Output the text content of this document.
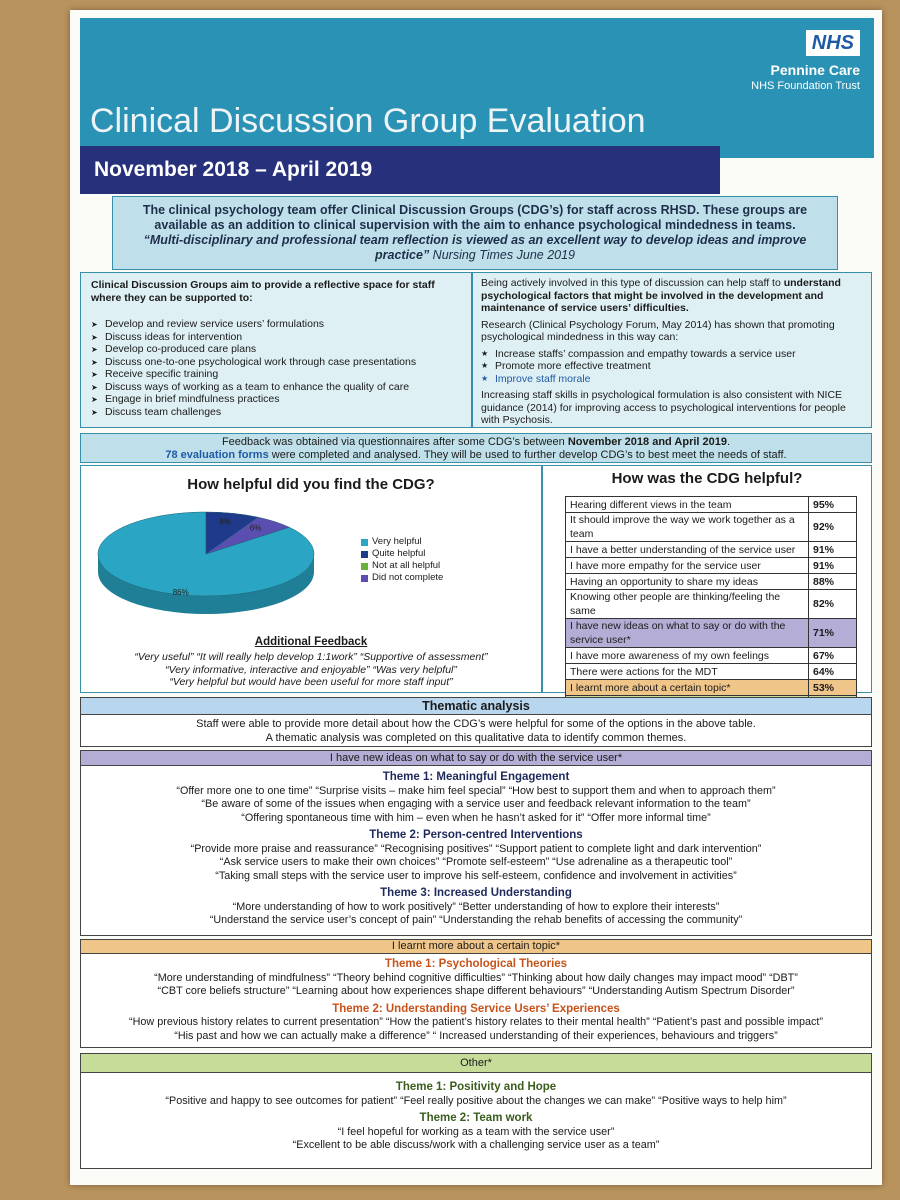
NHS
Pennine Care
NHS Foundation Trust
Clinical Discussion Group Evaluation
November 2018 – April 2019
The clinical psychology team offer Clinical Discussion Groups (CDG’s) for staff across RHSD. These groups are available as an addition to clinical supervision with the aim to enhance psychological mindedness in teams.
“Multi-disciplinary and professional team reflection is viewed as an excellent way to develop ideas and improve practice” Nursing Times June 2019
Clinical Discussion Groups aim to provide a reflective space for staff where they can be supported to:
➤ Develop and review service users’ formulations
➤ Discuss ideas for intervention
➤ Develop co-produced care plans
➤ Discuss one-to-one psychological work through case presentations
➤ Receive specific training
➤ Discuss ways of working as a team to enhance the quality of care
➤ Engage in brief mindfulness practices
➤ Discuss team challenges

Being actively involved in this type of discussion can help staff to understand psychological factors that might be involved in the development and maintenance of service users’ difficulties.

Research (Clinical Psychology Forum, May 2014) has shown that promoting psychological mindedness in this way can:

★ Increase staffs’ compassion and empathy towards a service user
★ Promote more effective treatment
★ Improve staff morale

Increasing staff skills in psychological formulation is also consistent with NICE guidance (2014) for improving access to psychological interventions for people with Psychosis.

Feedback was obtained via questionnaires after some CDG’s between November 2018 and April 2019.
78 evaluation forms were completed and analysed. They will be used to further develop CDG’s to best meet the needs of staff.
How helpful did you find the CDG?
86%
8%
6%
Very helpful
Quite helpful
Not at all helpful
Did not complete
Additional Feedback
“Very useful” “It will really help develop 1:1work” “Supportive of assessment”
“Very informative, interactive and enjoyable” “Was very helpful”
“Very helpful but would have been useful for more staff input”
How was the CDG helpful?
Hearing different views in the team	95%
It should improve the way we work together as a team	92%
I have a better understanding of the service user	91%
I have more empathy for the service user	91%
Having an opportunity to share my ideas	88%
Knowing other people are thinking/feeling the same	82%
I have new ideas on what to say or do with the service user*	71%
I have more awareness of my own feelings	67%
There were actions for the MDT	64%
I learnt more about a certain topic*	53%

Thematic analysis
Staff were able to provide more detail about how the CDG’s were helpful for some of the options in the above table.
A thematic analysis was completed on this qualitative data to identify common themes.
I have new ideas on what to say or do with the service user*
Theme 1: Meaningful Engagement
“Offer more one to one time” “Surprise visits – make him feel special” “How best to support them and when to approach them”
“Be aware of some of the issues when engaging with a service user and feedback relevant information to the team”
“Offering spontaneous time with him – even when he hasn’t asked for it” “Offer more informal time”
Theme 2: Person-centred Interventions
“Provide more praise and reassurance” “Recognising positives” “Support patient to complete light and dark intervention”
“Ask service users to make their own choices” “Promote self-esteem” “Use adrenaline as a therapeutic tool”
“Taking small steps with the service user to improve his self-esteem, confidence and involvement in activities”
Theme 3: Increased Understanding
“More understanding of how to work positively” “Better understanding of how to explore their interests”
“Understand the service user’s concept of pain” “Understanding the rehab benefits of accessing the community”
I learnt more about a certain topic*
Theme 1: Psychological Theories
“More understanding of mindfulness” “Theory behind cognitive difficulties” “Thinking about how daily changes may impact mood” “DBT”
“CBT core beliefs structure” “Learning about how experiences shape different behaviours” “Understanding Autism Spectrum Disorder”
Theme 2: Understanding Service Users’ Experiences
“How previous history relates to current presentation” “How the patient’s history relates to their mental health” “Patient’s past and possible impact”
“His past and how we can actually make a difference” “ Increased understanding of their experiences, behaviours and triggers”
Other*
Theme 1: Positivity and Hope
“Positive and happy to see outcomes for patient” “Feel really positive about the changes we can make” “Positive ways to help him”
Theme 2: Team work
“I feel hopeful for working as a team with the service user”
“Excellent to be able discuss/work with a challenging service user as a team”
